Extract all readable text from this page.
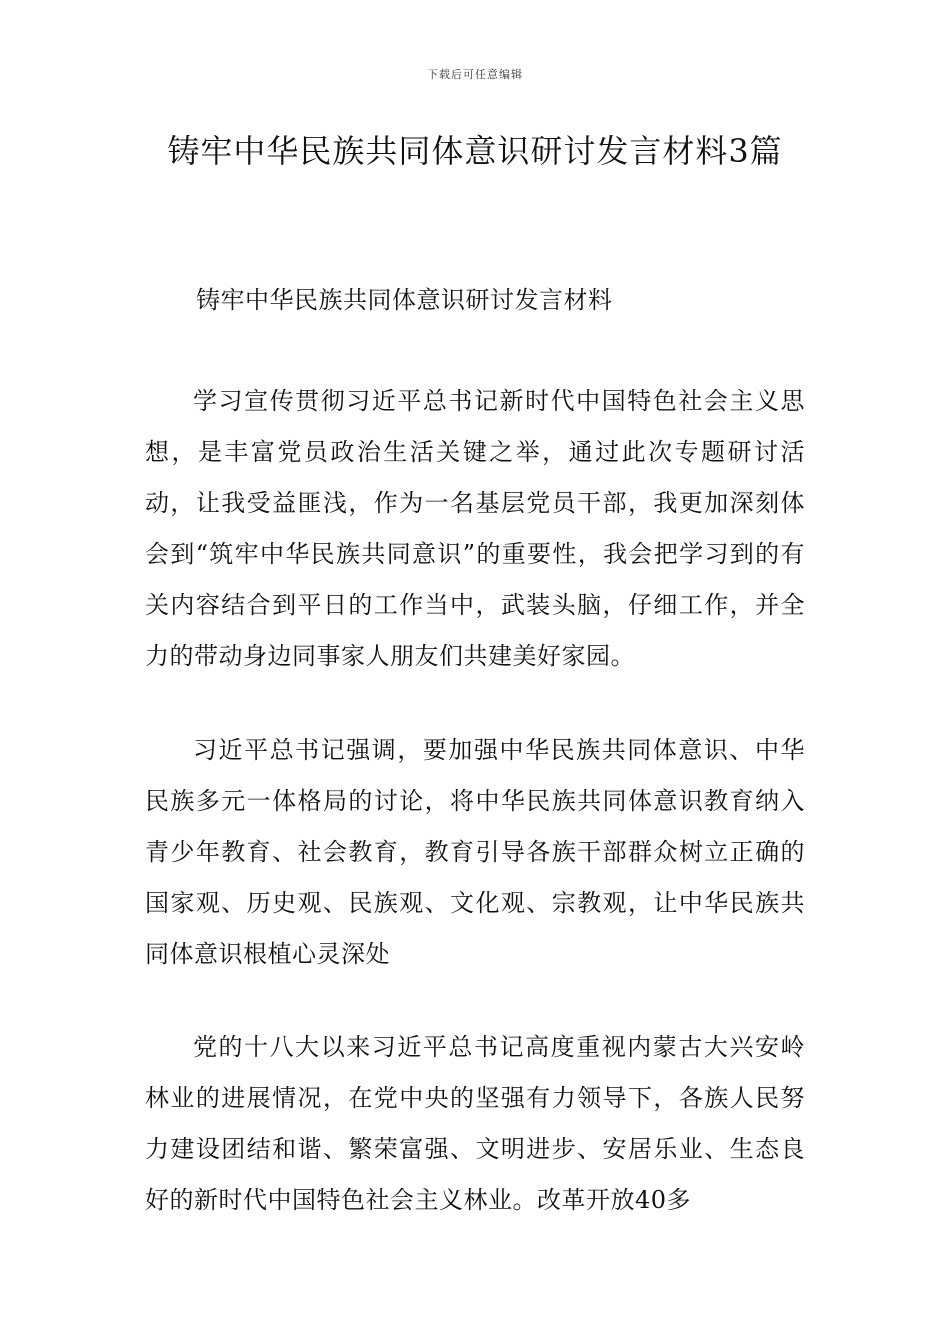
下载后可任意编辑
铸牢中华民族共同体意识研讨发言材料3篇
铸牢中华民族共同体意识研讨发言材料

学习宣传贯彻习近平总书记新时代中国特色社会主义思想，是丰富党员政治生活关键之举，通过此次专题研讨活动，让我受益匪浅，作为一名基层党员干部，我更加深刻体会到“筑牢中华民族共同意识”的重要性，我会把学习到的有关内容结合到平日的工作当中，武装头脑，仔细工作，并全力的带动身边同事家人朋友们共建美好家园。

习近平总书记强调，要加强中华民族共同体意识、中华民族多元一体格局的讨论，将中华民族共同体意识教育纳入青少年教育、社会教育，教育引导各族干部群众树立正确的国家观、历史观、民族观、文化观、宗教观，让中华民族共同体意识根植心灵深处

党的十八大以来习近平总书记高度重视内蒙古大兴安岭林业的进展情况，在党中央的坚强有力领导下，各族人民努力建设团结和谐、繁荣富强、文明进步、安居乐业、生态良好的新时代中国特色社会主义林业。改革开放40多
